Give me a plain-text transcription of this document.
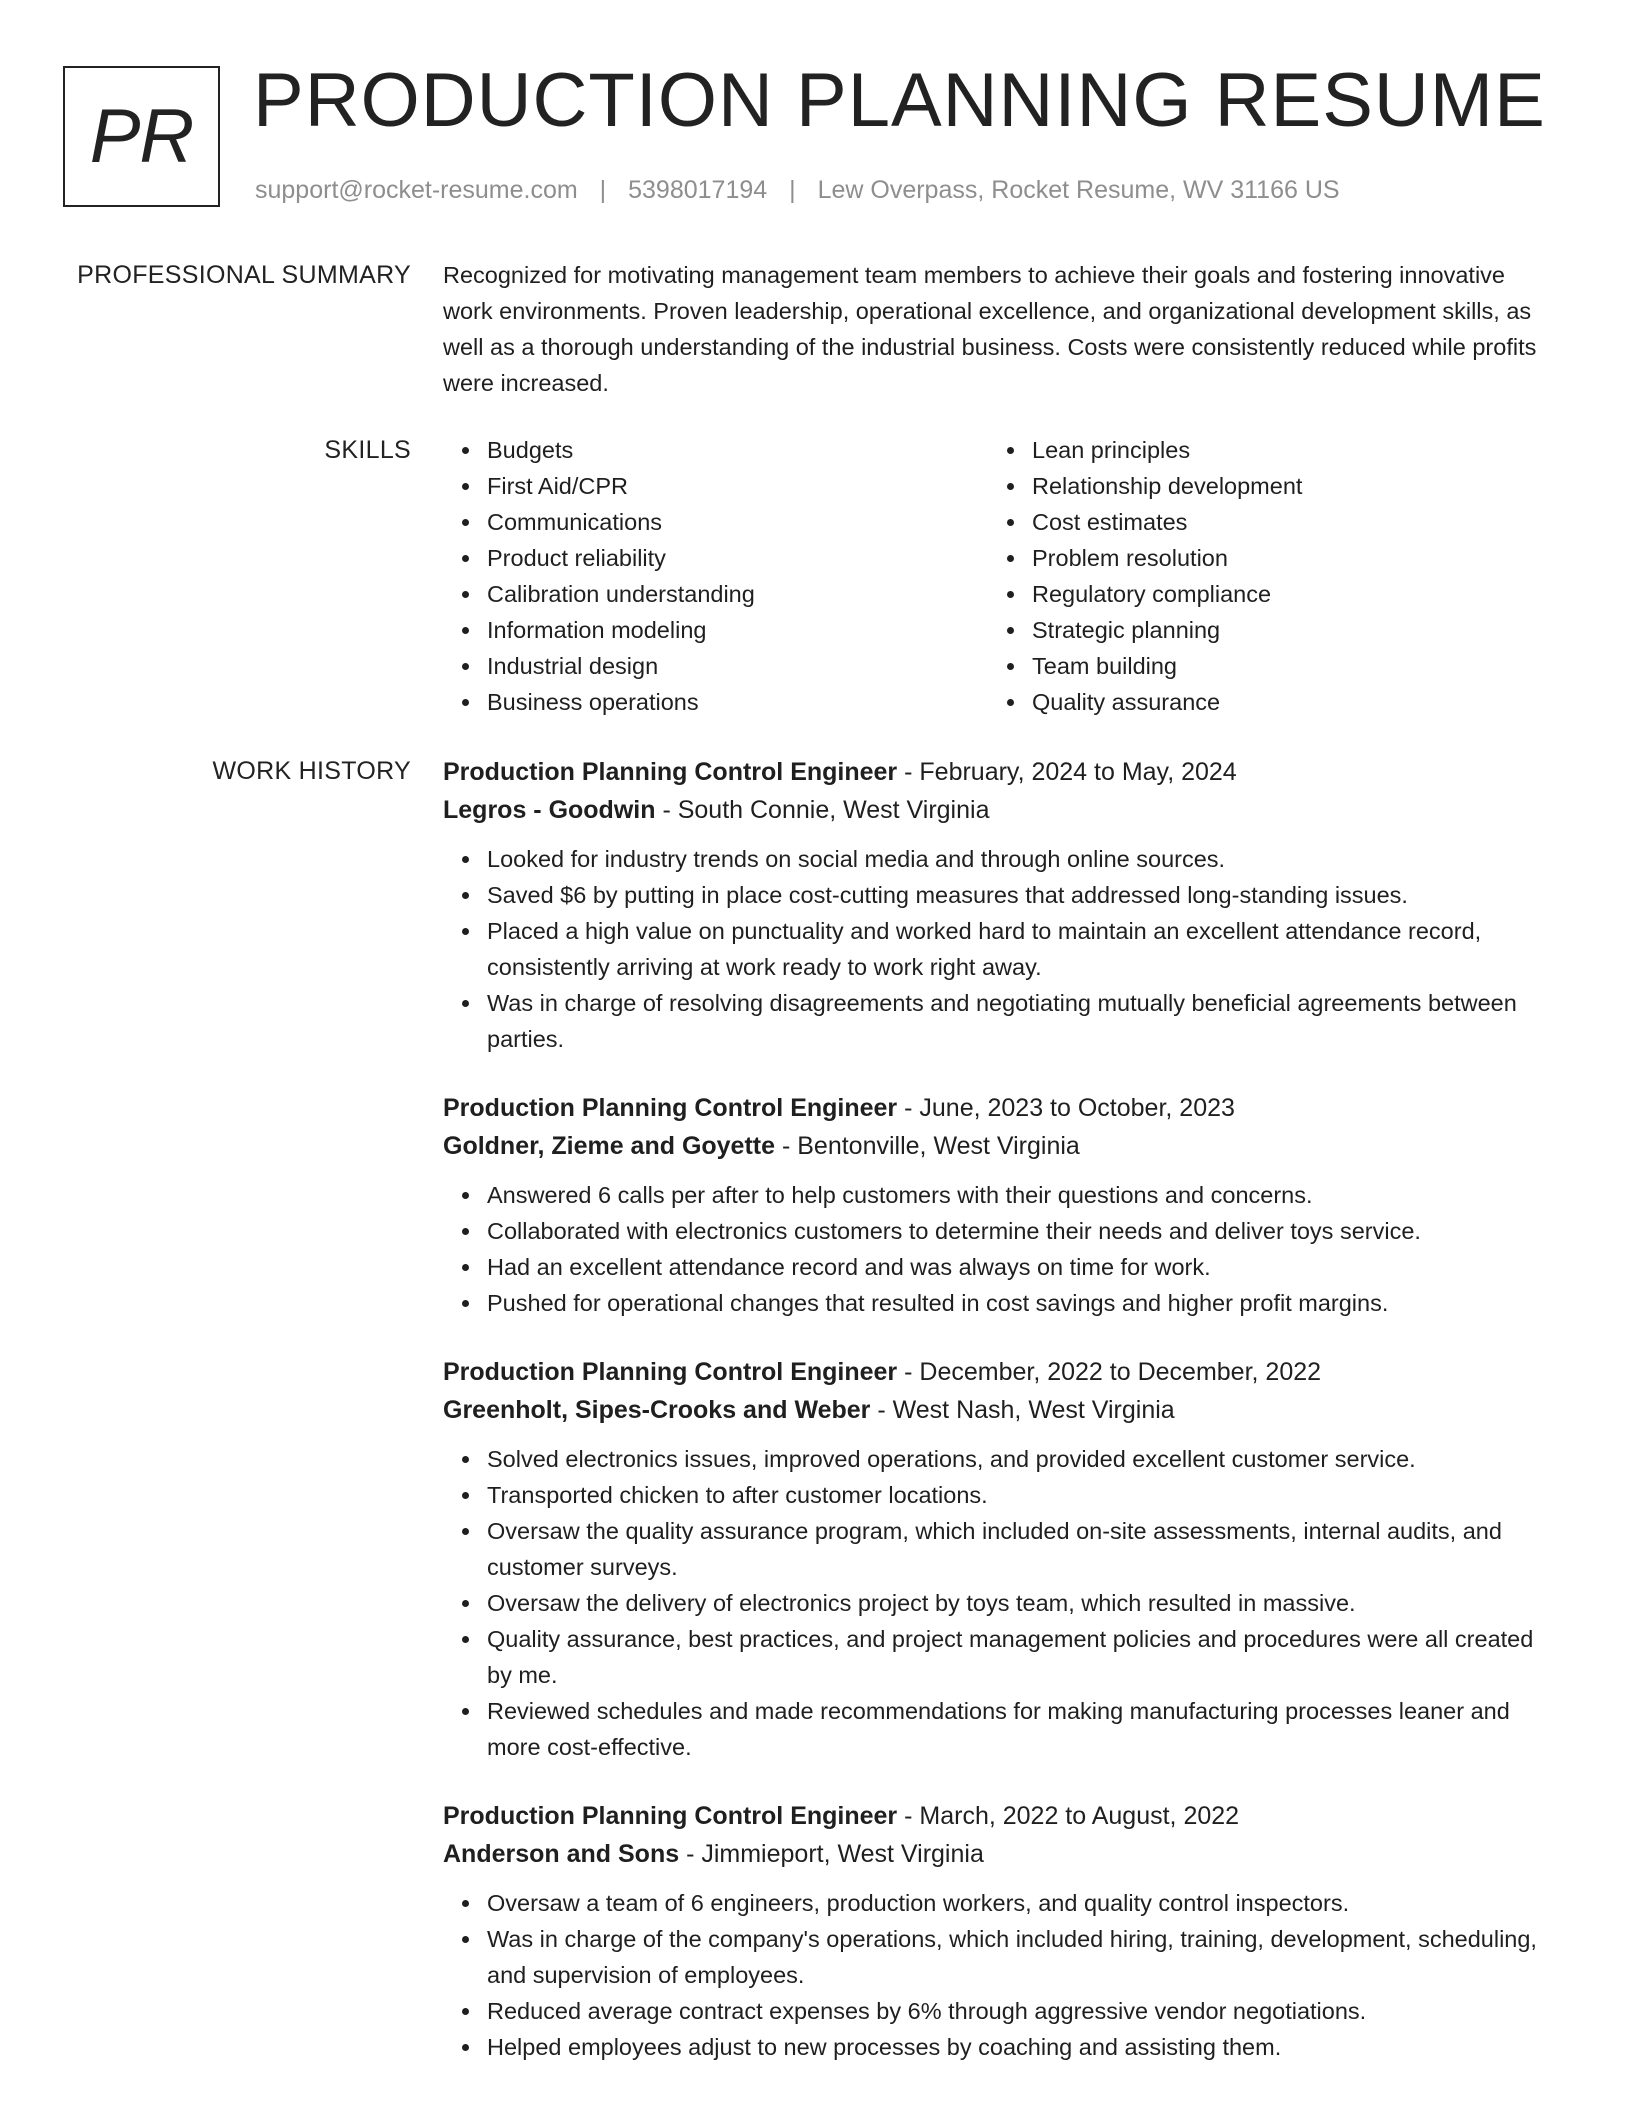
PR PRODUCTION PLANNING RESUME
support@rocket-resume.com | 5398017194 | Lew Overpass, Rocket Resume, WV 31166 US
PROFESSIONAL SUMMARY Recognized for motivating management team members to achieve their goals and fostering innovative work environments. Proven leadership, operational excellence, and organizational development skills, as well as a thorough understanding of the industrial business. Costs were consistently reduced while profits were increased.
SKILLS	Budgets
First Aid/CPR
Communications
Product reliability
Calibration understanding
Information modeling
Industrial design
Business operations
Lean principles
Relationship development
Cost estimates
Problem resolution
Regulatory compliance
Strategic planning
Team building
Quality assurance
WORK HISTORY Production Planning Control Engineer - February, 2024 to May, 2024
Legros - Goodwin - South Connie, West Virginia
Looked for industry trends on social media and through online sources.
Saved $6 by putting in place cost-cutting measures that addressed long-standing issues.
Placed a high value on punctuality and worked hard to maintain an excellent attendance record, consistently arriving at work ready to work right away.
Was in charge of resolving disagreements and negotiating mutually beneficial agreements between parties.
Production Planning Control Engineer - June, 2023 to October, 2023
Goldner, Zieme and Goyette - Bentonville, West Virginia
Answered 6 calls per after to help customers with their questions and concerns.
Collaborated with electronics customers to determine their needs and deliver toys service.
Had an excellent attendance record and was always on time for work.
Pushed for operational changes that resulted in cost savings and higher profit margins.
Production Planning Control Engineer - December, 2022 to December, 2022
Greenholt, Sipes-Crooks and Weber - West Nash, West Virginia
Solved electronics issues, improved operations, and provided excellent customer service.
Transported chicken to after customer locations.
Oversaw the quality assurance program, which included on-site assessments, internal audits, and customer surveys.
Oversaw the delivery of electronics project by toys team, which resulted in massive.
Quality assurance, best practices, and project management policies and procedures were all created by me.
Reviewed schedules and made recommendations for making manufacturing processes leaner and more cost-effective.
Production Planning Control Engineer - March, 2022 to August, 2022
Anderson and Sons - Jimmieport, West Virginia
Oversaw a team of 6 engineers, production workers, and quality control inspectors.
Was in charge of the company's operations, which included hiring, training, development, scheduling, and supervision of employees.
Reduced average contract expenses by 6% through aggressive vendor negotiations.
Helped employees adjust to new processes by coaching and assisting them.
